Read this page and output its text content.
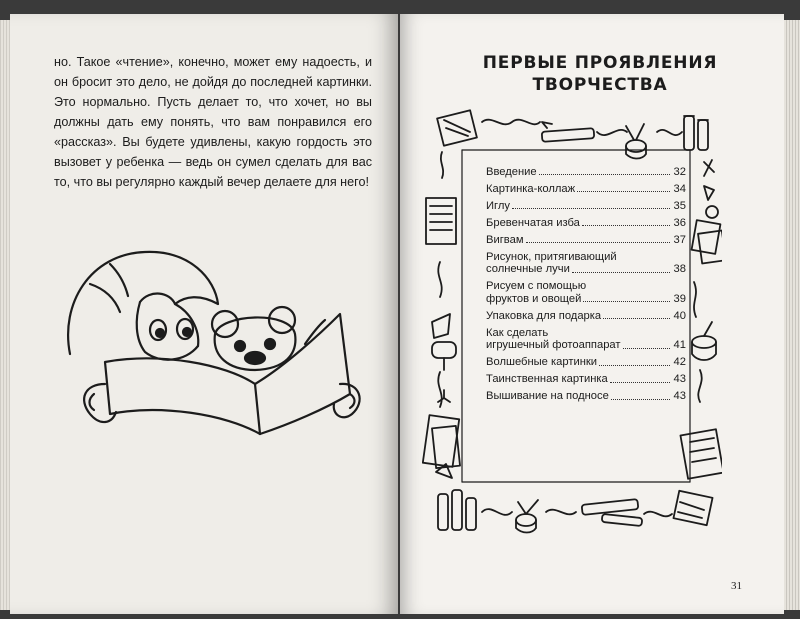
но. Такое «чтение», конечно, может ему надоесть, и он бросит это дело, не дойдя до последней картинки. Это нормально. Пусть делает то, что хочет, но вы должны дать ему понять, что вам понравился его «рассказ». Вы будете удивлены, какую гордость это вызовет у ребенка — ведь он сумел сделать для вас то, что вы регулярно каждый вечер делаете для него!
ПЕРВЫЕ ПРОЯВЛЕНИЯ
ТВОРЧЕСТВА
Введение	32
Картинка-коллаж	34
Иглу	35
Бревенчатая изба	36
Вигвам	37
Рисунок, притягивающий
солнечные лучи	38
Рисуем с помощью
фруктов и овощей	39
Упаковка для подарка	40
Как сделать
игрушечный фотоаппарат	41
Волшебные картинки	42
Таинственная картинка	43
Вышивание на подносе	43
31
